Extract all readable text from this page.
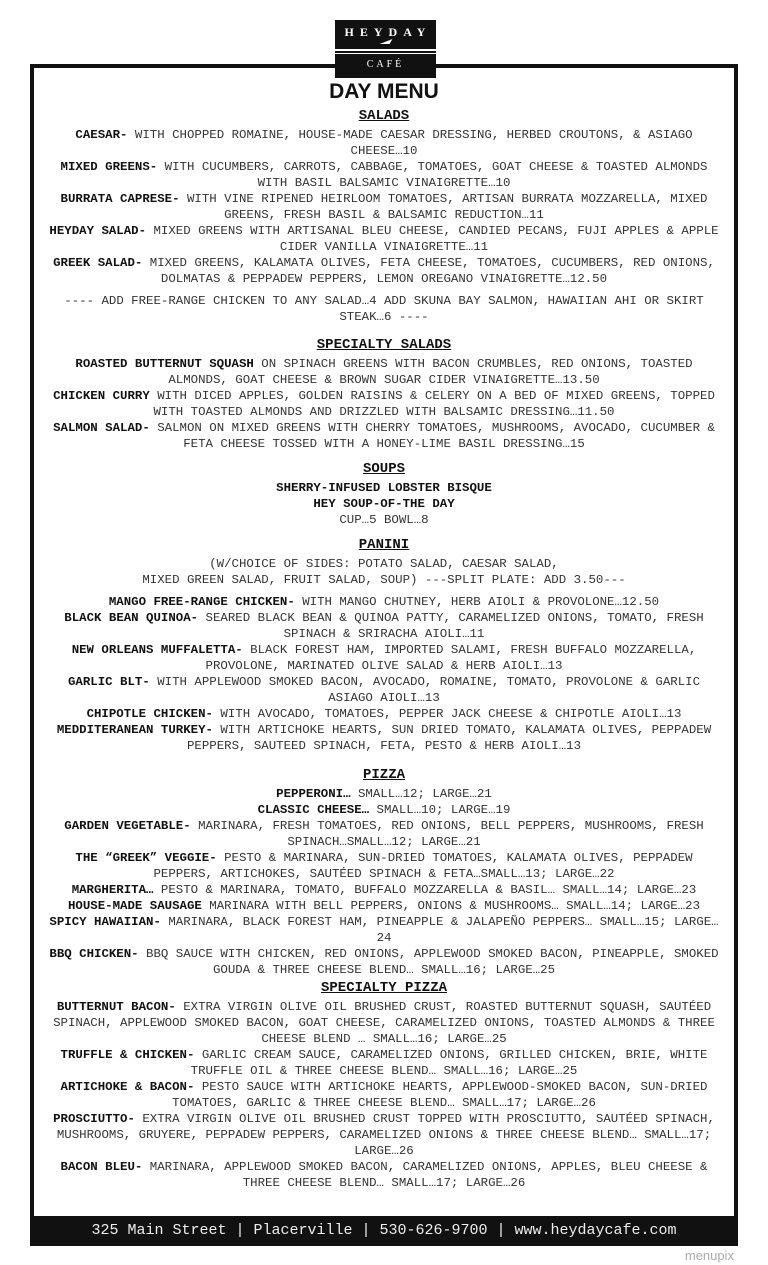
HEYDAY
CAFÉ
DAY MENU
SALADS
CAESAR- WITH CHOPPED ROMAINE, HOUSE-MADE CAESAR DRESSING, HERBED CROUTONS, & ASIAGO CHEESE…10
MIXED GREENS- WITH CUCUMBERS, CARROTS, CABBAGE, TOMATOES, GOAT CHEESE & TOASTED ALMONDS WITH BASIL BALSAMIC VINAIGRETTE…10
BURRATA CAPRESE- WITH VINE RIPENED HEIRLOOM TOMATOES, ARTISAN BURRATA MOZZARELLA, MIXED GREENS, FRESH BASIL & BALSAMIC REDUCTION…11
HEYDAY SALAD- MIXED GREENS WITH ARTISANAL BLEU CHEESE, CANDIED PECANS, FUJI APPLES & APPLE CIDER VANILLA VINAIGRETTE…11
GREEK SALAD- MIXED GREENS, KALAMATA OLIVES, FETA CHEESE, TOMATOES, CUCUMBERS, RED ONIONS, DOLMATAS & PEPPADEW PEPPERS, LEMON OREGANO VINAIGRETTE…12.50
---- ADD FREE-RANGE CHICKEN TO ANY SALAD…4 ADD SKUNA BAY SALMON, HAWAIIAN AHI OR SKIRT STEAK…6 ----
SPECIALTY SALADS
ROASTED BUTTERNUT SQUASH ON SPINACH GREENS WITH BACON CRUMBLES, RED ONIONS, TOASTED ALMONDS, GOAT CHEESE & BROWN SUGAR CIDER VINAIGRETTE…13.50
CHICKEN CURRY WITH DICED APPLES, GOLDEN RAISINS & CELERY ON A BED OF MIXED GREENS, TOPPED WITH TOASTED ALMONDS AND DRIZZLED WITH BALSAMIC DRESSING…11.50
SALMON SALAD- SALMON ON MIXED GREENS WITH CHERRY TOMATOES, MUSHROOMS, AVOCADO, CUCUMBER & FETA CHEESE TOSSED WITH A HONEY-LIME BASIL DRESSING…15
SOUPS
SHERRY-INFUSED LOBSTER BISQUE
HEY SOUP-OF-THE DAY
CUP…5 BOWL…8
PANINI
(W/CHOICE OF SIDES: POTATO SALAD, CAESAR SALAD,
MIXED GREEN SALAD, FRUIT SALAD, SOUP) ---SPLIT PLATE: ADD 3.50---
MANGO FREE-RANGE CHICKEN- WITH MANGO CHUTNEY, HERB AIOLI & PROVOLONE…12.50
BLACK BEAN QUINOA- SEARED BLACK BEAN & QUINOA PATTY, CARAMELIZED ONIONS, TOMATO, FRESH SPINACH & SRIRACHA AIOLI…11
NEW ORLEANS MUFFALETTA- BLACK FOREST HAM, IMPORTED SALAMI, FRESH BUFFALO MOZZARELLA, PROVOLONE, MARINATED OLIVE SALAD & HERB AIOLI…13
GARLIC BLT- WITH APPLEWOOD SMOKED BACON, AVOCADO, ROMAINE, TOMATO, PROVOLONE & GARLIC ASIAGO AIOLI…13
CHIPOTLE CHICKEN- WITH AVOCADO, TOMATOES, PEPPER JACK CHEESE & CHIPOTLE AIOLI…13
MEDDITERANEAN TURKEY- WITH ARTICHOKE HEARTS, SUN DRIED TOMATO, KALAMATA OLIVES, PEPPADEW PEPPERS, SAUTEED SPINACH, FETA, PESTO & HERB AIOLI…13
PIZZA
PEPPERONI… SMALL…12; LARGE…21
CLASSIC CHEESE… SMALL…10; LARGE…19
GARDEN VEGETABLE- MARINARA, FRESH TOMATOES, RED ONIONS, BELL PEPPERS, MUSHROOMS, FRESH SPINACH…SMALL…12; LARGE…21
THE “GREEK” VEGGIE- PESTO & MARINARA, SUN-DRIED TOMATOES, KALAMATA OLIVES, PEPPADEW PEPPERS, ARTICHOKES, SAUTÉED SPINACH & FETA…SMALL…13; LARGE…22
MARGHERITA… PESTO & MARINARA, TOMATO, BUFFALO MOZZARELLA & BASIL… SMALL…14; LARGE…23
HOUSE-MADE SAUSAGE MARINARA WITH BELL PEPPERS, ONIONS & MUSHROOMS… SMALL…14; LARGE…23
SPICY HAWAIIAN- MARINARA, BLACK FOREST HAM, PINEAPPLE & JALAPEÑO PEPPERS… SMALL…15; LARGE…24
BBQ CHICKEN- BBQ SAUCE WITH CHICKEN, RED ONIONS, APPLEWOOD SMOKED BACON, PINEAPPLE, SMOKED GOUDA & THREE CHEESE BLEND… SMALL…16; LARGE…25
SPECIALTY PIZZA
BUTTERNUT BACON- EXTRA VIRGIN OLIVE OIL BRUSHED CRUST, ROASTED BUTTERNUT SQUASH, SAUTÉED SPINACH, APPLEWOOD SMOKED BACON, GOAT CHEESE, CARAMELIZED ONIONS, TOASTED ALMONDS & THREE CHEESE BLEND … SMALL…16; LARGE…25
TRUFFLE & CHICKEN- GARLIC CREAM SAUCE, CARAMELIZED ONIONS, GRILLED CHICKEN, BRIE, WHITE TRUFFLE OIL & THREE CHEESE BLEND… SMALL…16; LARGE…25
ARTICHOKE & BACON- PESTO SAUCE WITH ARTICHOKE HEARTS, APPLEWOOD-SMOKED BACON, SUN-DRIED TOMATOES, GARLIC & THREE CHEESE BLEND… SMALL…17; LARGE…26
PROSCIUTTO- EXTRA VIRGIN OLIVE OIL BRUSHED CRUST TOPPED WITH PROSCIUTTO, SAUTÉED SPINACH, MUSHROOMS, GRUYERE, PEPPADEW PEPPERS, CARAMELIZED ONIONS & THREE CHEESE BLEND… SMALL…17; LARGE…26
BACON BLEU- MARINARA, APPLEWOOD SMOKED BACON, CARAMELIZED ONIONS, APPLES, BLEU CHEESE & THREE CHEESE BLEND… SMALL…17; LARGE…26
325 Main Street | Placerville | 530-626-9700 | www.heydaycafe.com
menupix
